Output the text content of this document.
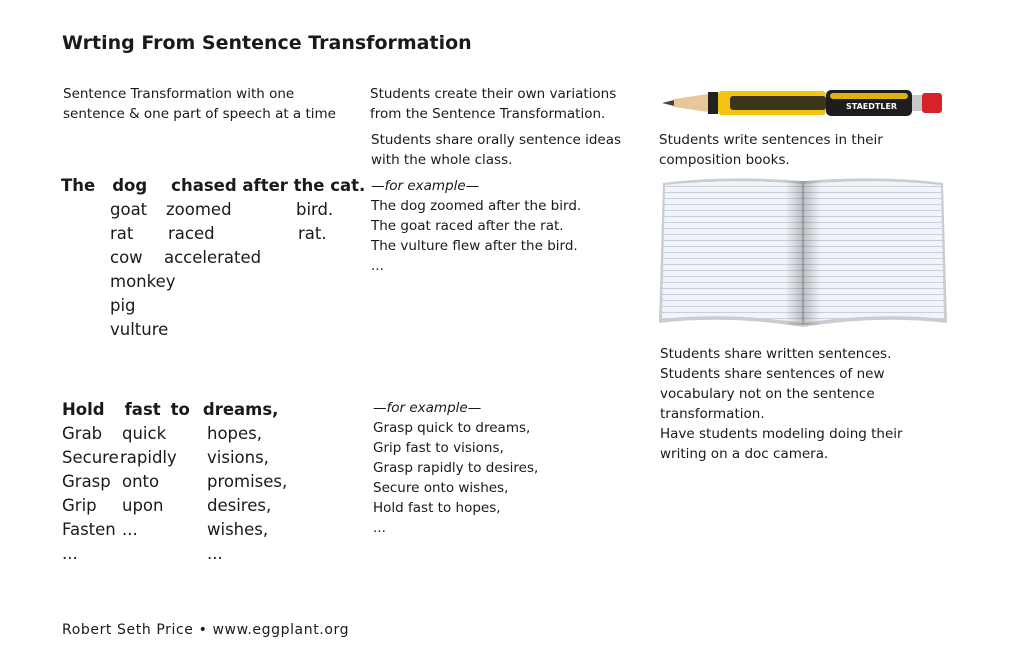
Wrting From Sentence Transformation
Sentence Transformation with one
sentence & one part of speech at a time
Students create their own variations
from the Sentence Transformation.
Students share orally sentence ideas
with the whole class.
STAEDTLER
Students write sentences in their
composition books.
The dog chased after the cat.
goat
rat
cow
monkey
pig
vulture
zoomed
raced
accelerated
bird.
rat.
—for example—
The dog zoomed after the bird.
The goat raced after the rat.
The vulture flew after the bird.
...
Students share written sentences.
Students share sentences of new
vocabulary not on the sentence
transformation.
Have students modeling doing their
writing on a doc camera.
Hold fast to dreams,
Grab
Secure
Grasp
Grip
Fasten
...
quick
rapidly
onto
upon
...
hopes,
visions,
promises,
desires,
wishes,
...
—for example—
Grasp quick to dreams,
Grip fast to visions,
Grasp rapidly to desires,
Secure onto wishes,
Hold fast to hopes,
...
Robert Seth Price • www.eggplant.org
